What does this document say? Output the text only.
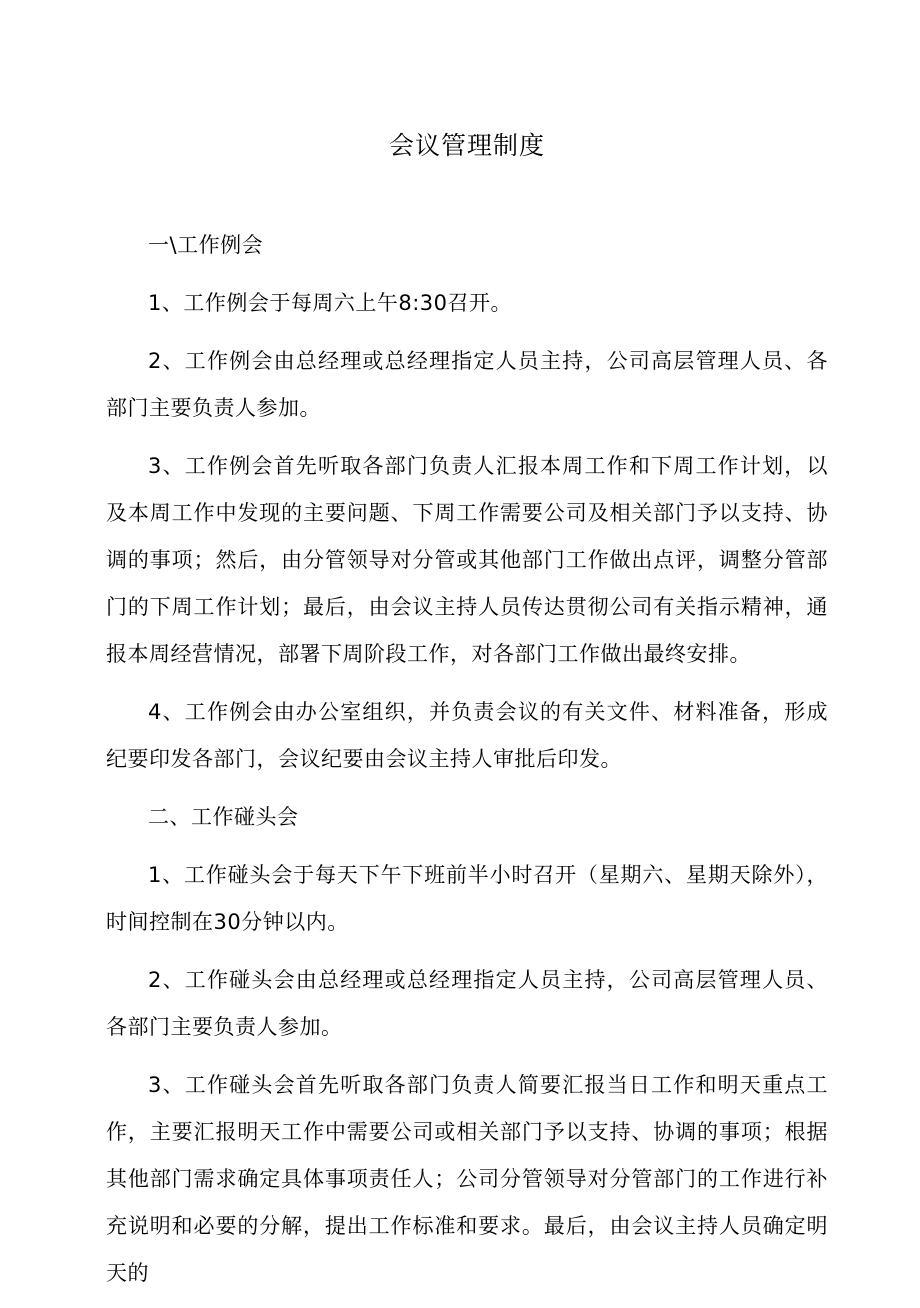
会议管理制度

一\工作例会

1、工作例会于每周六上午8:30召开。

2、工作例会由总经理或总经理指定人员主持，公司高层管理人员、各部门主要负责人参加。

3、工作例会首先听取各部门负责人汇报本周工作和下周工作计划，以及本周工作中发现的主要问题、下周工作需要公司及相关部门予以支持、协调的事项；然后，由分管领导对分管或其他部门工作做出点评，调整分管部门的下周工作计划；最后，由会议主持人员传达贯彻公司有关指示精神，通报本周经营情况，部署下周阶段工作，对各部门工作做出最终安排。

4、工作例会由办公室组织，并负责会议的有关文件、材料准备，形成纪要印发各部门，会议纪要由会议主持人审批后印发。

二、工作碰头会

1、工作碰头会于每天下午下班前半小时召开（星期六、星期天除外），时间控制在30分钟以内。

2、工作碰头会由总经理或总经理指定人员主持，公司高层管理人员、各部门主要负责人参加。

3、工作碰头会首先听取各部门负责人简要汇报当日工作和明天重点工作，主要汇报明天工作中需要公司或相关部门予以支持、协调的事项；根据其他部门需求确定具体事项责任人；公司分管领导对分管部门的工作进行补充说明和必要的分解，提出工作标准和要求。最后，由会议主持人员确定明天的
